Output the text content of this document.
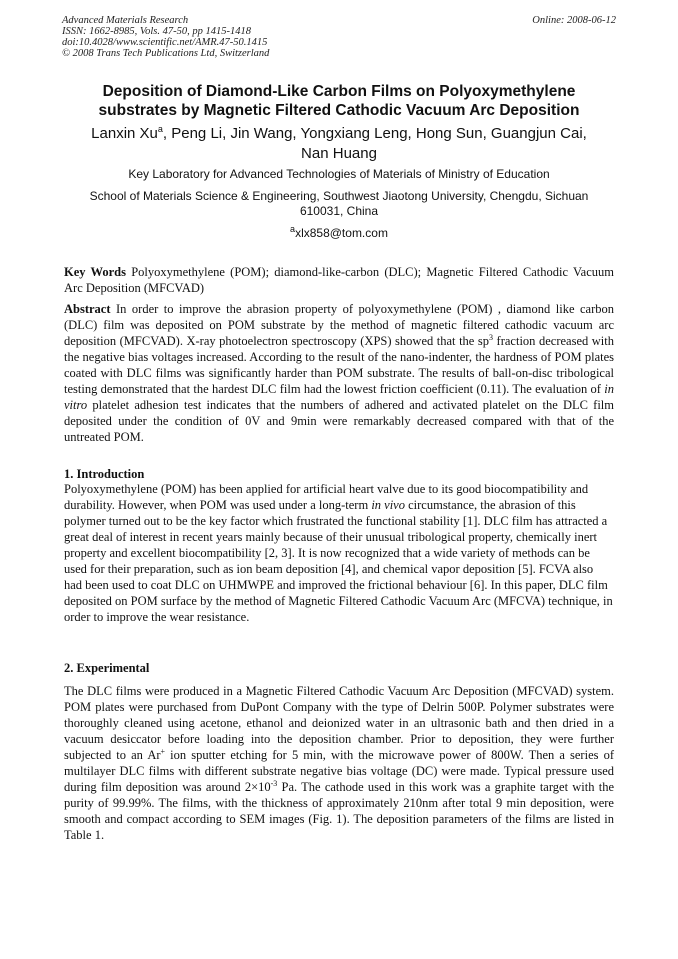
Advanced Materials Research
ISSN: 1662-8985, Vols. 47-50, pp 1415-1418
doi:10.4028/www.scientific.net/AMR.47-50.1415
© 2008 Trans Tech Publications Ltd, Switzerland
Online: 2008-06-12
Deposition of Diamond-Like Carbon Films on Polyoxymethylene
substrates by Magnetic Filtered Cathodic Vacuum Arc Deposition
Lanxin Xu$^a$, Peng Li, Jin Wang, Yongxiang Leng, Hong Sun, Guangjun Cai,
Nan Huang
Key Laboratory for Advanced Technologies of Materials of Ministry of Education
School of Materials Science & Engineering, Southwest Jiaotong University, Chengdu, Sichuan
610031, China
$^a$xlx858@tom.com
Key Words Polyoxymethylene (POM); diamond-like-carbon (DLC); Magnetic Filtered Cathodic Vacuum Arc Deposition (MFCVAD)
Abstract In order to improve the abrasion property of polyoxymethylene (POM) , diamond like carbon (DLC) film was deposited on POM substrate by the method of magnetic filtered cathodic vacuum arc deposition (MFCVAD). X-ray photoelectron spectroscopy (XPS) showed that the $sp^3$ fraction decreased with the negative bias voltages increased. According to the result of the nano-indenter, the hardness of POM plates coated with DLC films was significantly harder than POM substrate. The results of ball-on-disc tribological testing demonstrated that the hardest DLC film had the lowest friction coefficient (0.11). The evaluation of in vitro platelet adhesion test indicates that the numbers of adhered and activated platelet on the DLC film deposited under the condition of 0V and 9min were remarkably decreased compared with that of the untreated POM.
1. Introduction
Polyoxymethylene (POM) has been applied for artificial heart valve due to its good biocompatibility and durability. However, when POM was used under a long-term in vivo circumstance, the abrasion of this polymer turned out to be the key factor which frustrated the functional stability [1]. DLC film has attracted a great deal of interest in recent years mainly because of their unusual tribological property, chemically inert property and excellent biocompatibility [2, 3]. It is now recognized that a wide variety of methods can be used for their preparation, such as ion beam deposition [4], and chemical vapor deposition [5]. FCVA also had been used to coat DLC on UHMWPE and improved the frictional behaviour [6]. In this paper, DLC film deposited on POM surface by the method of Magnetic Filtered Cathodic Vacuum Arc (MFCVA) technique, in order to improve the wear resistance.
2. Experimental
The DLC films were produced in a Magnetic Filtered Cathodic Vacuum Arc Deposition (MFCVAD) system. POM plates were purchased from DuPont Company with the type of Delrin 500P. Polymer substrates were thoroughly cleaned using acetone, ethanol and deionized water in an ultrasonic bath and then dried in a vacuum desiccator before loading into the deposition chamber. Prior to deposition, they were further subjected to an Ar+ ion sputter etching for 5 min, with the microwave power of 800W. Then a series of multilayer DLC films with different substrate negative bias voltage (DC) were made. Typical pressure used during film deposition was around $2\times 10^{-3}$ Pa. The cathode used in this work was a graphite target with the purity of 99.99%. The films, with the thickness of approximately 210nm after total 9 min deposition, were smooth and compact according to SEM images (Fig. 1). The deposition parameters of the films are listed in Table 1.
